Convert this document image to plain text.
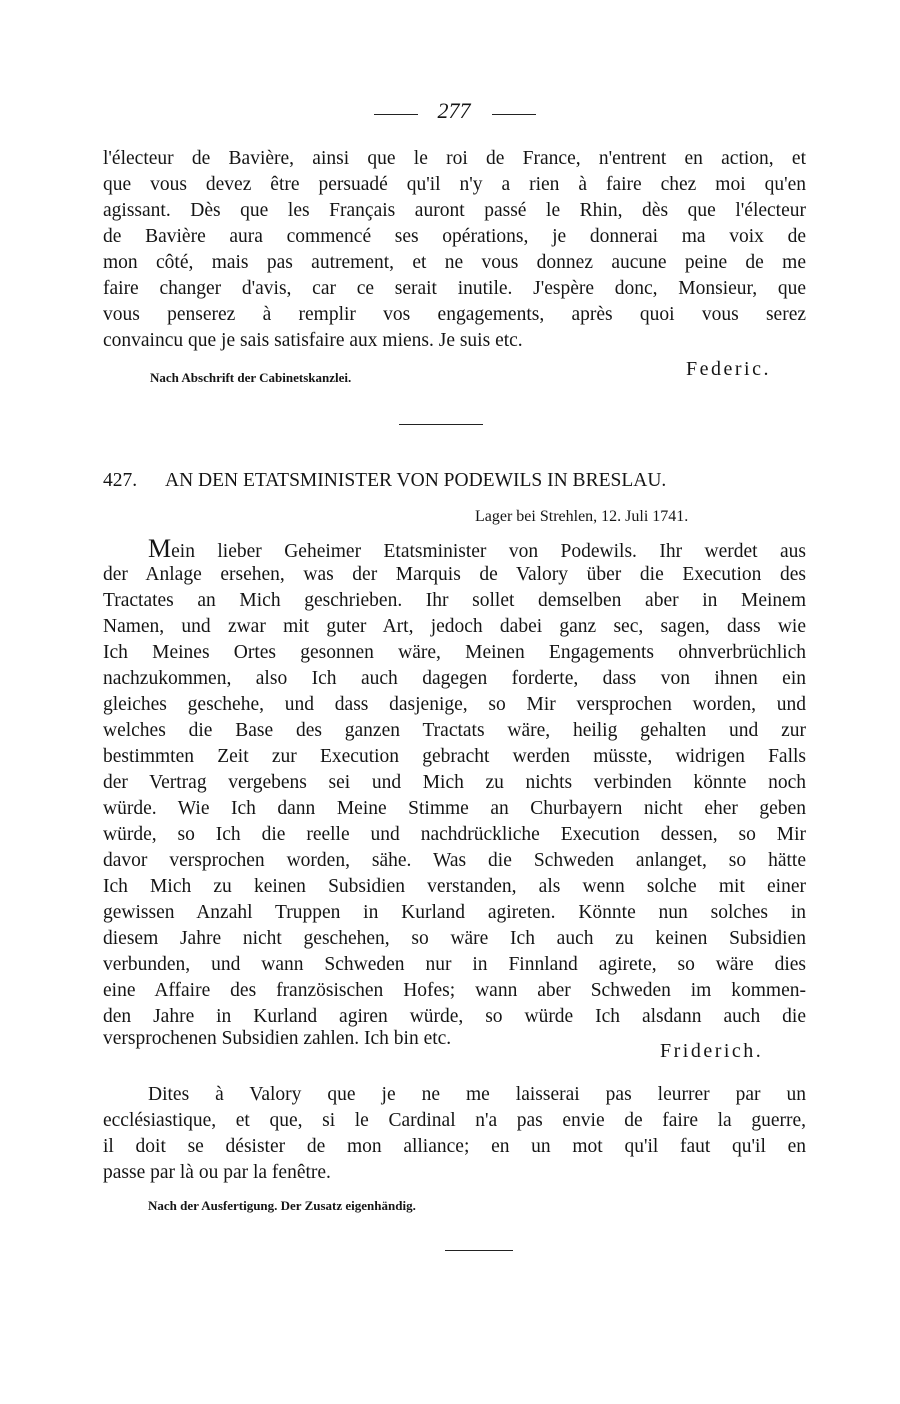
277
l'électeur de Bavière, ainsi que le roi de France, n'entrent en action, et
que vous devez être persuadé qu'il n'y a rien à faire chez moi qu'en
agissant. Dès que les Français auront passé le Rhin, dès que l'électeur
de Bavière aura commencé ses opérations, je donnerai ma voix de
mon côté, mais pas autrement, et ne vous donnez aucune peine de me
faire changer d'avis, car ce serait inutile. J'espère donc, Monsieur, que
vous penserez à remplir vos engagements, après quoi vous serez
convaincu que je sais satisfaire aux miens. Je suis etc.
Nach Abschrift der Cabinetskanzlei.	Federic.
427. AN DEN ETATSMINISTER VON PODEWILS IN BRESLAU.
Lager bei Strehlen, 12. Juli 1741.
Mein lieber Geheimer Etatsminister von Podewils. Ihr werdet aus
der Anlage ersehen, was der Marquis de Valory über die Execution des
Tractates an Mich geschrieben. Ihr sollet demselben aber in Meinem
Namen, und zwar mit guter Art, jedoch dabei ganz sec, sagen, dass wie
Ich Meines Ortes gesonnen wäre, Meinen Engagements ohnverbrüchlich
nachzukommen, also Ich auch dagegen forderte, dass von ihnen ein
gleiches geschehe, und dass dasjenige, so Mir versprochen worden, und
welches die Base des ganzen Tractats wäre, heilig gehalten und zur
bestimmten Zeit zur Execution gebracht werden müsste, widrigen Falls
der Vertrag vergebens sei und Mich zu nichts verbinden könnte noch
würde. Wie Ich dann Meine Stimme an Churbayern nicht eher geben
würde, so Ich die reelle und nachdrückliche Execution dessen, so Mir
davor versprochen worden, sähe. Was die Schweden anlanget, so hätte
Ich Mich zu keinen Subsidien verstanden, als wenn solche mit einer
gewissen Anzahl Truppen in Kurland agireten. Könnte nun solches in
diesem Jahre nicht geschehen, so wäre Ich auch zu keinen Subsidien
verbunden, und wann Schweden nur in Finnland agirete, so wäre dies
eine Affaire des französischen Hofes; wann aber Schweden im kommen-
den Jahre in Kurland agiren würde, so würde Ich alsdann auch die
versprochenen Subsidien zahlen. Ich bin etc.
Friderich.
Dites à Valory que je ne me laisserai pas leurrer par un
ecclésiastique, et que, si le Cardinal n'a pas envie de faire la guerre,
il doit se désister de mon alliance; en un mot qu'il faut qu'il en
passe par là ou par la fenêtre.
Nach der Ausfertigung. Der Zusatz eigenhändig.
